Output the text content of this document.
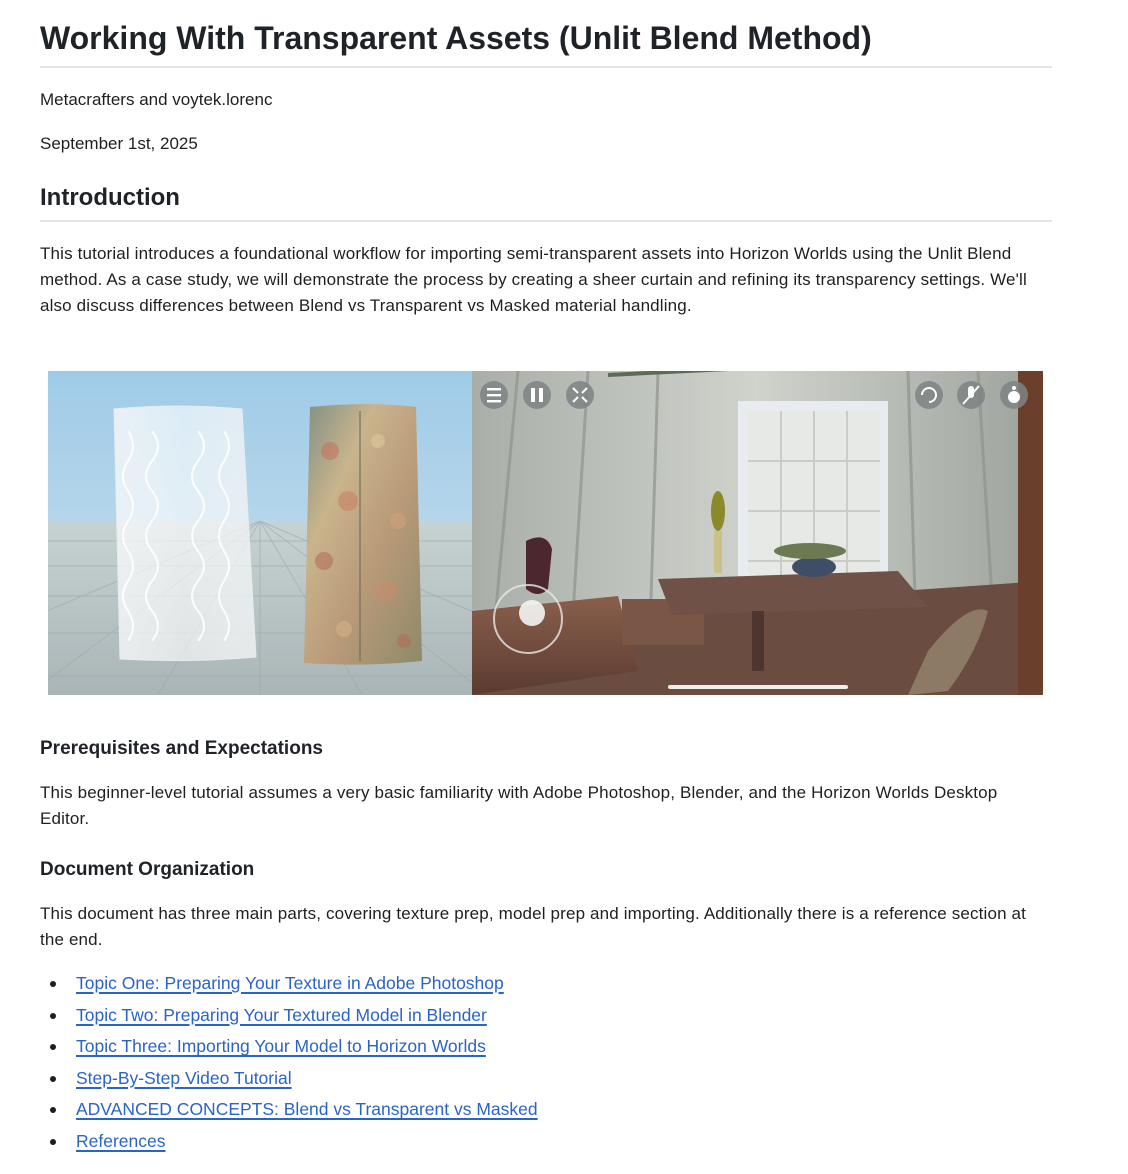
Working With Transparent Assets (Unlit Blend Method)

Metacrafters and voytek.lorenc

September 1st, 2025

Introduction

This tutorial introduces a foundational workflow for importing semi-transparent assets into Horizon Worlds using the Unlit Blend method. As a case study, we will demonstrate the process by creating a sheer curtain and refining its transparency settings. We'll also discuss differences between Blend vs Transparent vs Masked material handling.

Prerequisites and Expectations

This beginner-level tutorial assumes a very basic familiarity with Adobe Photoshop, Blender, and the Horizon Worlds Desktop Editor.

Document Organization

This document has three main parts, covering texture prep, model prep and importing. Additionally there is a reference section at the end.

Topic One: Preparing Your Texture in Adobe Photoshop
Topic Two: Preparing Your Textured Model in Blender
Topic Three: Importing Your Model to Horizon Worlds
Step-By-Step Video Tutorial
ADVANCED CONCEPTS: Blend vs Transparent vs Masked
References
